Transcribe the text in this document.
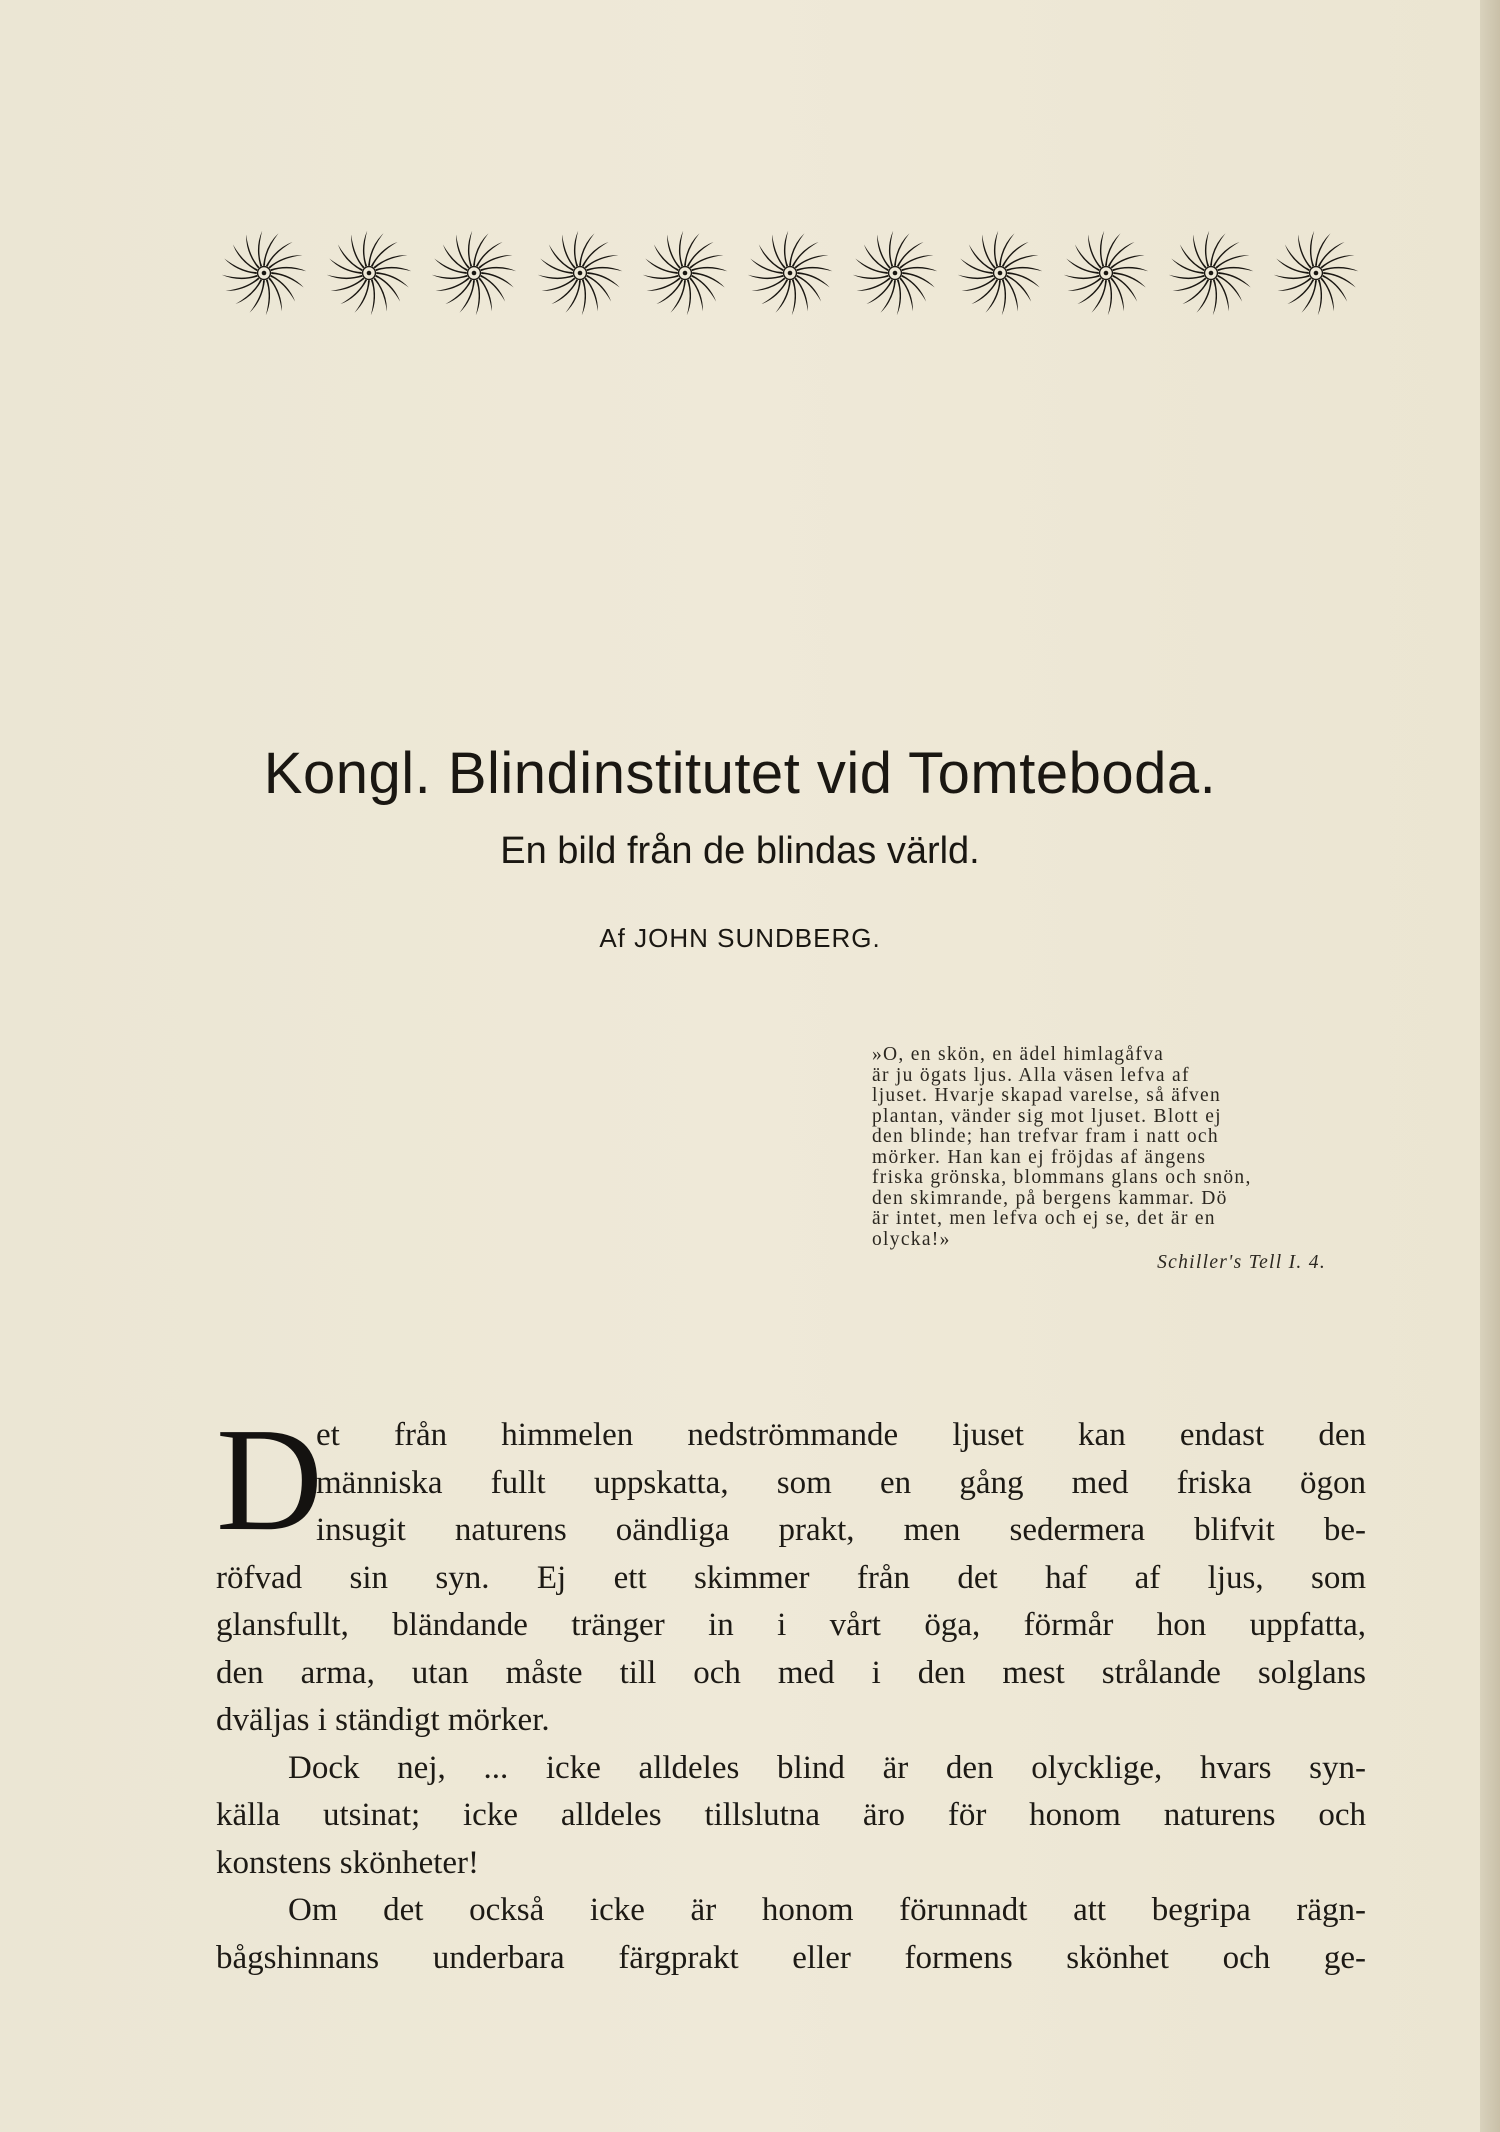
Kongl. Blindinstitutet vid Tomteboda.
En bild från de blindas värld.
Af JOHN SUNDBERG.
»O, en skön, en ädel himlagåfva
är ju ögats ljus. Alla väsen lefva af
ljuset. Hvarje skapad varelse, så äfven
plantan, vänder sig mot ljuset. Blott ej
den blinde; han trefvar fram i natt och
mörker. Han kan ej fröjdas af ängens
friska grönska, blommans glans och snön,
den skimrande, på bergens kammar. Dö
är intet, men lefva och ej se, det är en
olycka!»
Schiller's Tell I. 4.
D
et från himmelen nedströmmande ljuset kan endast den
människa fullt uppskatta, som en gång med friska ögon
insugit naturens oändliga prakt, men sedermera blifvit be-
röfvad sin syn. Ej ett skimmer från det haf af ljus, som
glansfullt, bländande tränger in i vårt öga, förmår hon uppfatta,
den arma, utan måste till och med i den mest strålande solglans
dväljas i ständigt mörker.
Dock nej, ... icke alldeles blind är den olycklige, hvars syn-
källa utsinat; icke alldeles tillslutna äro för honom naturens och
konstens skönheter!
Om det också icke är honom förunnadt att begripa rägn-
bågshinnans underbara färgprakt eller formens skönhet och ge-
